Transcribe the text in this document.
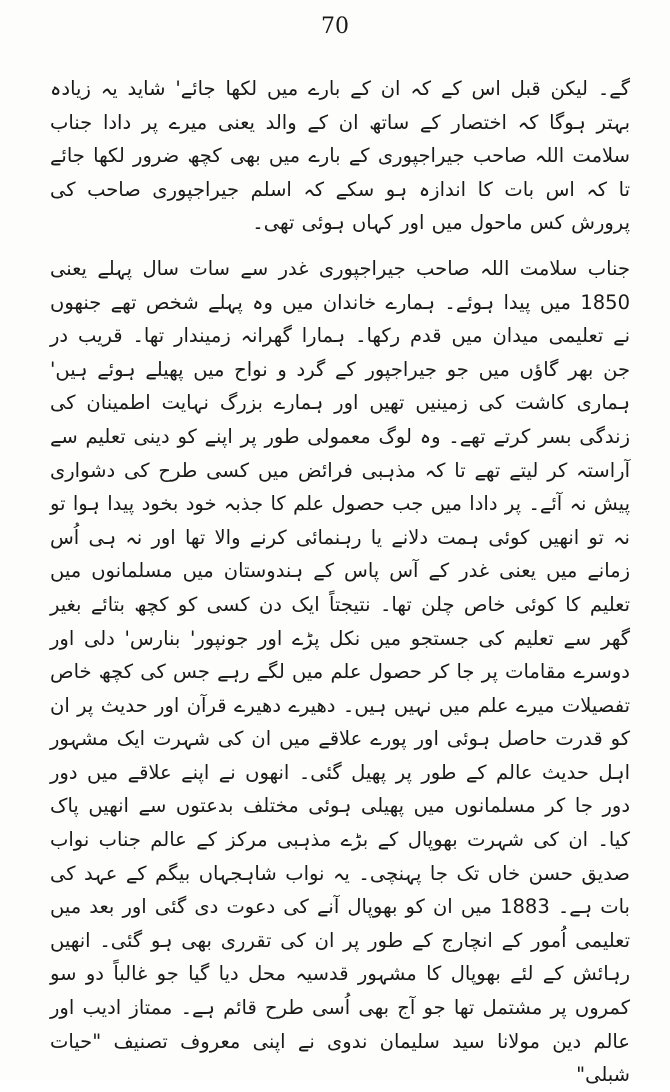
70

گے۔ لیکن قبل اس کے کہ ان کے بارے میں لکھا جائے' شاید یہ زیادہ بہتر ہوگا کہ اختصار کے ساتھ ان کے والد یعنی میرے پر دادا جناب سلامت اللہ صاحب جیراجپوری کے بارے میں بھی کچھ ضرور لکھا جائے تا کہ اس بات کا اندازہ ہو سکے کہ اسلم جیراجپوری صاحب کی پرورش کس ماحول میں اور کہاں ہوئی تھی۔

جناب سلامت اللہ صاحب جیراجپوری غدر سے سات سال پہلے یعنی 1850 میں پیدا ہوئے۔ ہمارے خاندان میں وہ پہلے شخص تھے جنھوں نے تعلیمی میدان میں قدم رکھا۔ ہمارا گھرانہ زمیندار تھا۔ قریب در جن بھر گاؤں میں جو جیراجپور کے گرد و نواح میں پھیلے ہوئے ہیں' ہماری کاشت کی زمینیں تھیں اور ہمارے بزرگ نہایت اطمینان کی زندگی بسر کرتے تھے۔ وہ لوگ معمولی طور پر اپنے کو دینی تعلیم سے آراستہ کر لیتے تھے تا کہ مذہبی فرائض میں کسی طرح کی دشواری پیش نہ آئے۔ پر دادا میں جب حصول علم کا جذبہ خود بخود پیدا ہوا تو نہ تو انھیں کوئی ہمت دلانے یا رہنمائی کرنے والا تھا اور نہ ہی اُس زمانے میں یعنی غدر کے آس پاس کے ہندوستان میں مسلمانوں میں تعلیم کا کوئی خاص چلن تھا۔ نتیجتاً ایک دن کسی کو کچھ بتائے بغیر گھر سے تعلیم کی جستجو میں نکل پڑے اور جونپور' بنارس' دلی اور دوسرے مقامات پر جا کر حصول علم میں لگے رہے جس کی کچھ خاص تفصیلات میرے علم میں نہیں ہیں۔ دھیرے دھیرے قرآن اور حدیث پر ان کو قدرت حاصل ہوئی اور پورے علاقے میں ان کی شہرت ایک مشہور اہل حدیث عالم کے طور پر پھیل گئی۔ انھوں نے اپنے علاقے میں دور دور جا کر مسلمانوں میں پھیلی ہوئی مختلف بدعتوں سے انھیں پاک کیا۔ ان کی شہرت بھوپال کے بڑے مذہبی مرکز کے عالم جناب نواب صدیق حسن خاں تک جا پہنچی۔ یہ نواب شاہجہاں بیگم کے عہد کی بات ہے۔ 1883 میں ان کو بھوپال آنے کی دعوت دی گئی اور بعد میں تعلیمی اُمور کے انچارج کے طور پر ان کی تقرری بھی ہو گئی۔ انھیں رہائش کے لئے بھوپال کا مشہور قدسیہ محل دیا گیا جو غالباً دو سو کمروں پر مشتمل تھا جو آج بھی اُسی طرح قائم ہے۔ ممتاز ادیب اور عالم دین مولانا سید سلیمان ندوی نے اپنی معروف تصنیف "حیات شبلی"
